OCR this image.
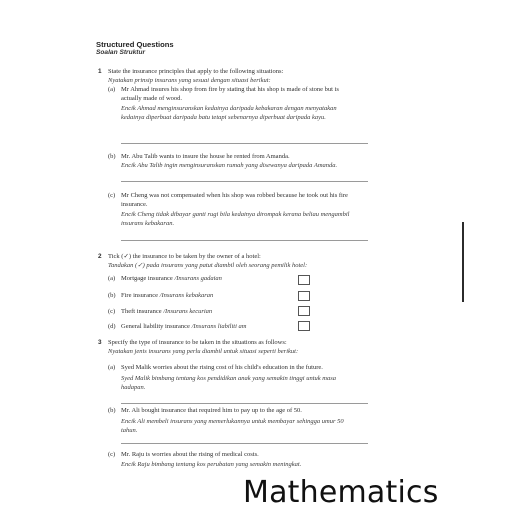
Structured Questions
Soalan Struktur
1 State the insurance principles that apply to the following situations:
Nyatakan prinsip insurans yang sesuai dengan situasi berikut:
(a) Mr Ahmad insures his shop from fire by stating that his shop is made of stone but is
actually made of wood.
Encik Ahmad menginsuranskan kedainya daripada kebakaran dengan menyatakan
kedainya diperbuat daripada batu tetapi sebenarnya diperbuat daripada kayu.
(b) Mr. Abu Talib wants to insure the house he rented from Amanda.
Encik Abu Talib ingin menginsuranskan rumah yang disewanya daripada Amanda.
(c) Mr Cheng was not compensated when his shop was robbed because he took out his fire
insurance.
Encik Cheng tidak dibayar ganti rugi bila kedainya dirompak kerana beliau mengambil
insurans kebakaran.
2 Tick (✓) the insurance to be taken by the owner of a hotel:
Tandakan (✓) pada insurans yang patut diambil oleh seorang pemilik hotel:
(a) Mortgage insurance /Insurans gadaian
(b) Fire insurance /Insurans kebakaran
(c) Theft insurance /Insurans kecurian
(d) General liability insurance /Insurans liabiliti am
3 Specify the type of insurance to be taken in the situations as follows:
Nyatakan jenis insurans yang perlu diambil untuk situasi seperti berikut:
(a) Syed Malik worries about the rising cost of his child's education in the future.
Syed Malik bimbang tentang kos pendidikan anak yang semakin tinggi untuk masa
hadapan.
(b) Mr. Ali bought insurance that required him to pay up to the age of 50.
Encik Ali membeli insurans yang memerlukannya untuk membayar sehingga umur 50
tahun.
(c) Mr. Raju is worries about the rising of medical costs.
Encik Raju bimbang tentang kos perubatan yang semakin meningkat.
Mathematics
